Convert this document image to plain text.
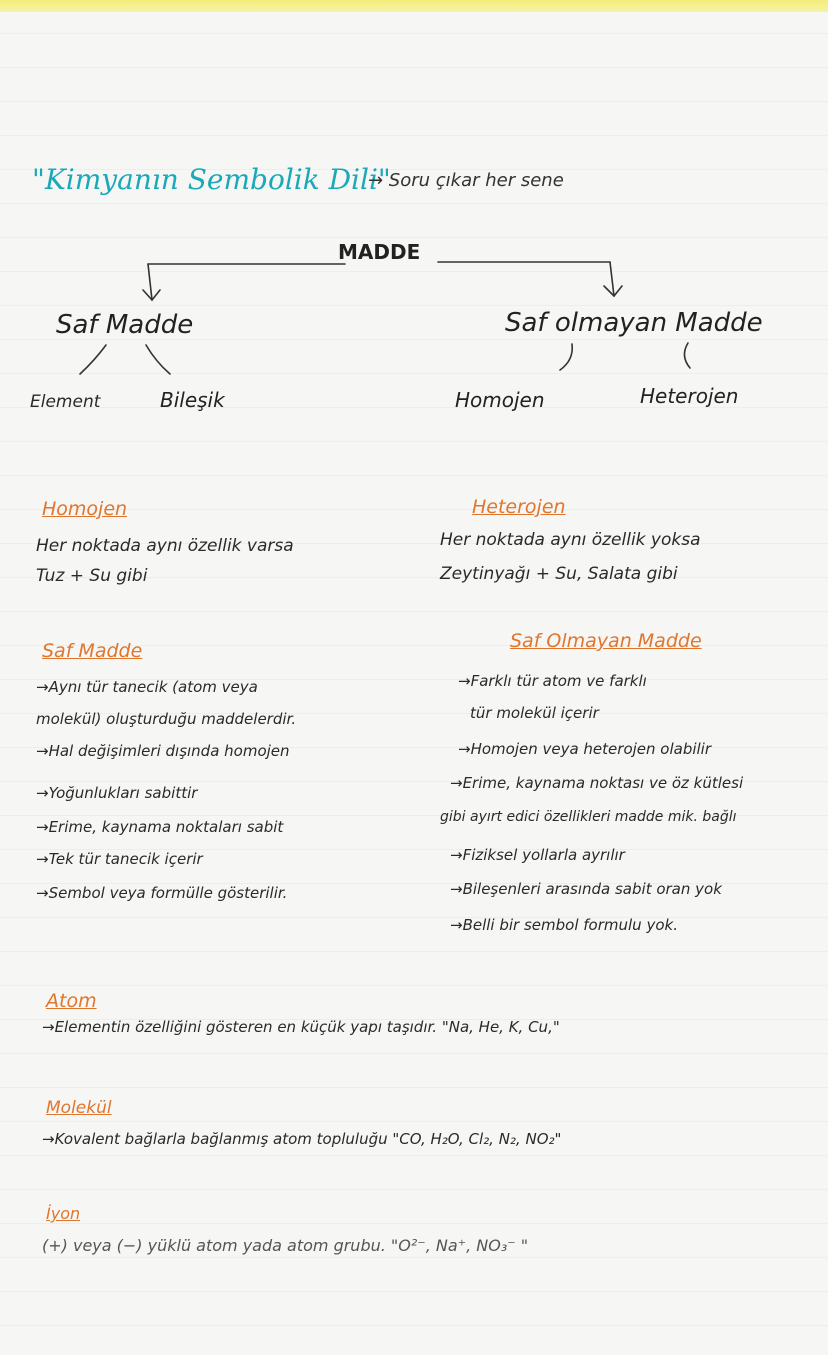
"Kimyanın Sembolik Dili"
→ Soru çıkar her sene
MADDE
Saf Madde	Saf olmayan Madde
Element	Bileşik	Homojen	Heterojen
Homojen
Her noktada aynı özellik varsa
Tuz + Su gibi
Heterojen
Her noktada aynı özellik yoksa
Zeytinyağı + Su, Salata gibi
Saf Madde
→Aynı tür tanecik (atom veya
molekül) oluşturduğu maddelerdir.
→Hal değişimleri dışında homojen
→Yoğunlukları sabittir
→Erime, kaynama noktaları sabit
→Tek tür tanecik içerir
→Sembol veya formülle gösterilir.
Saf Olmayan Madde
→Farklı tür atom ve farklı
tür molekül içerir
→Homojen veya heterojen olabilir
→Erime, kaynama noktası ve öz kütlesi
gibi ayırt edici özellikleri madde mik. bağlı
→Fiziksel yollarla ayrılır
→Bileşenleri arasında sabit oran yok
→Belli bir sembol formulu yok.
Atom
→Elementin özelliğini gösteren en küçük yapı taşıdır. "Na, He, K, Cu,"
Molekül
→Kovalent bağlarla bağlanmış atom topluluğu "CO, H₂O, Cl₂, N₂, NO₂"
İyon
(+) veya (−) yüklü atom yada atom grubu. "O²⁻, Na⁺, NO₃⁻ "
